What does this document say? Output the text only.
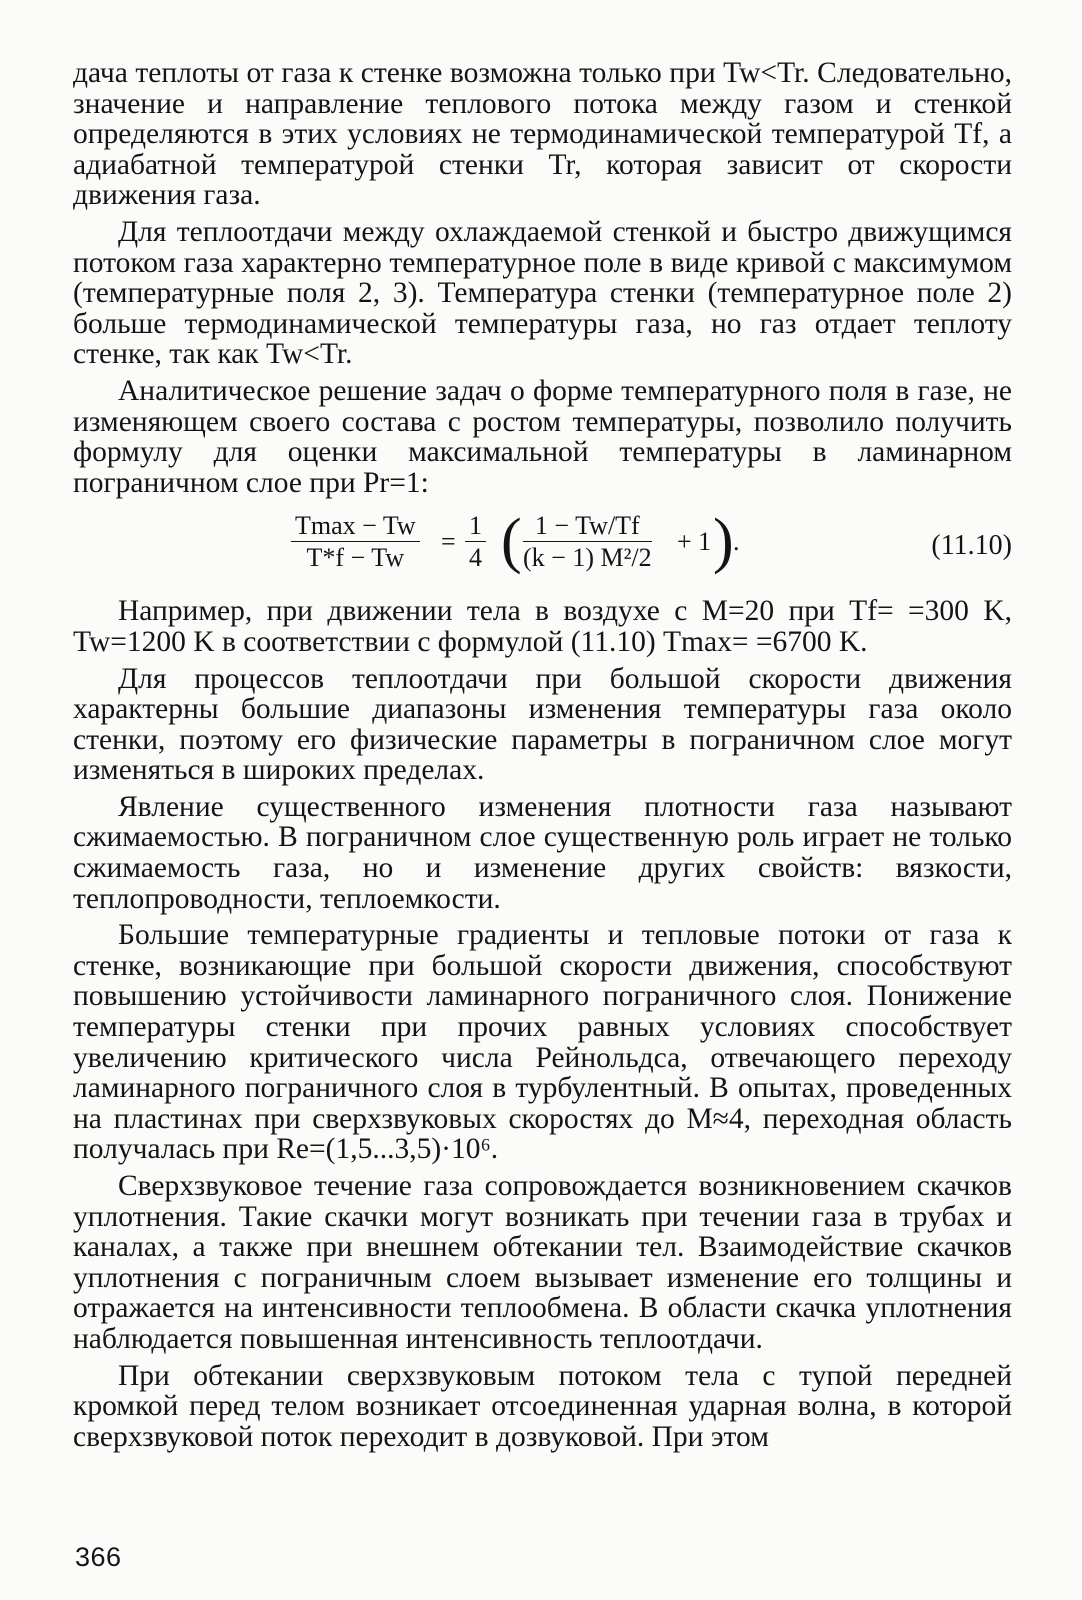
дача теплоты от газа к стенке возможна только при Tw<Tr. Следовательно, значение и направление теплового потока между газом и стенкой определяются в этих условиях не термодинамической температурой Tf, а адиабатной температурой стенки Tr, которая зависит от скорости движения газа.

Для теплоотдачи между охлаждаемой стенкой и быстро движущимся потоком газа характерно температурное поле в виде кривой с максимумом (температурные поля 2, 3). Температура стенки (температурное поле 2) больше термодинамической температуры газа, но газ отдает теплоту стенке, так как Tw<Tr.

Аналитическое решение задач о форме температурного поля в газе, не изменяющем своего состава с ростом температуры, позволило получить формулу для оценки максимальной температуры в ламинарном пограничном слое при Pr=1:

Tmax − Tw
T*f − Tw
= $\frac{1}{4}$ ( $\frac{1 - Tw/Tf}{\text{(k − 1) M²/2}} + 1$ ) .	(11.10)

Например, при движении тела в воздухе с M=20 при Tf= =300 K, Tw=1200 K в соответствии с формулой (11.10) Tmax= =6700 K.

Для процессов теплоотдачи при большой скорости движения характерны большие диапазоны изменения температуры газа около стенки, поэтому его физические параметры в пограничном слое могут изменяться в широких пределах.

Явление существенного изменения плотности газа называют сжимаемостью. В пограничном слое существенную роль играет не только сжимаемость газа, но и изменение других свойств: вязкости, теплопроводности, теплоемкости.

Большие температурные градиенты и тепловые потоки от газа к стенке, возникающие при большой скорости движения, способствуют повышению устойчивости ламинарного пограничного слоя. Понижение температуры стенки при прочих равных условиях способствует увеличению критического числа Рейнольдса, отвечающего переходу ламинарного пограничного слоя в турбулентный. В опытах, проведенных на пластинах при сверхзвуковых скоростях до M≈4, переходная область получалась при Re=(1,5...3,5)·10⁶.

Сверхзвуковое течение газа сопровождается возникновением скачков уплотнения. Такие скачки могут возникать при течении газа в трубах и каналах, а также при внешнем обтекании тел. Взаимодействие скачков уплотнения с пограничным слоем вызывает изменение его толщины и отражается на интенсивности теплообмена. В области скачка уплотнения наблюдается повышенная интенсивность теплоотдачи.

При обтекании сверхзвуковым потоком тела с тупой передней кромкой перед телом возникает отсоединенная ударная волна, в которой сверхзвуковой поток переходит в дозвуковой. При этом

366
